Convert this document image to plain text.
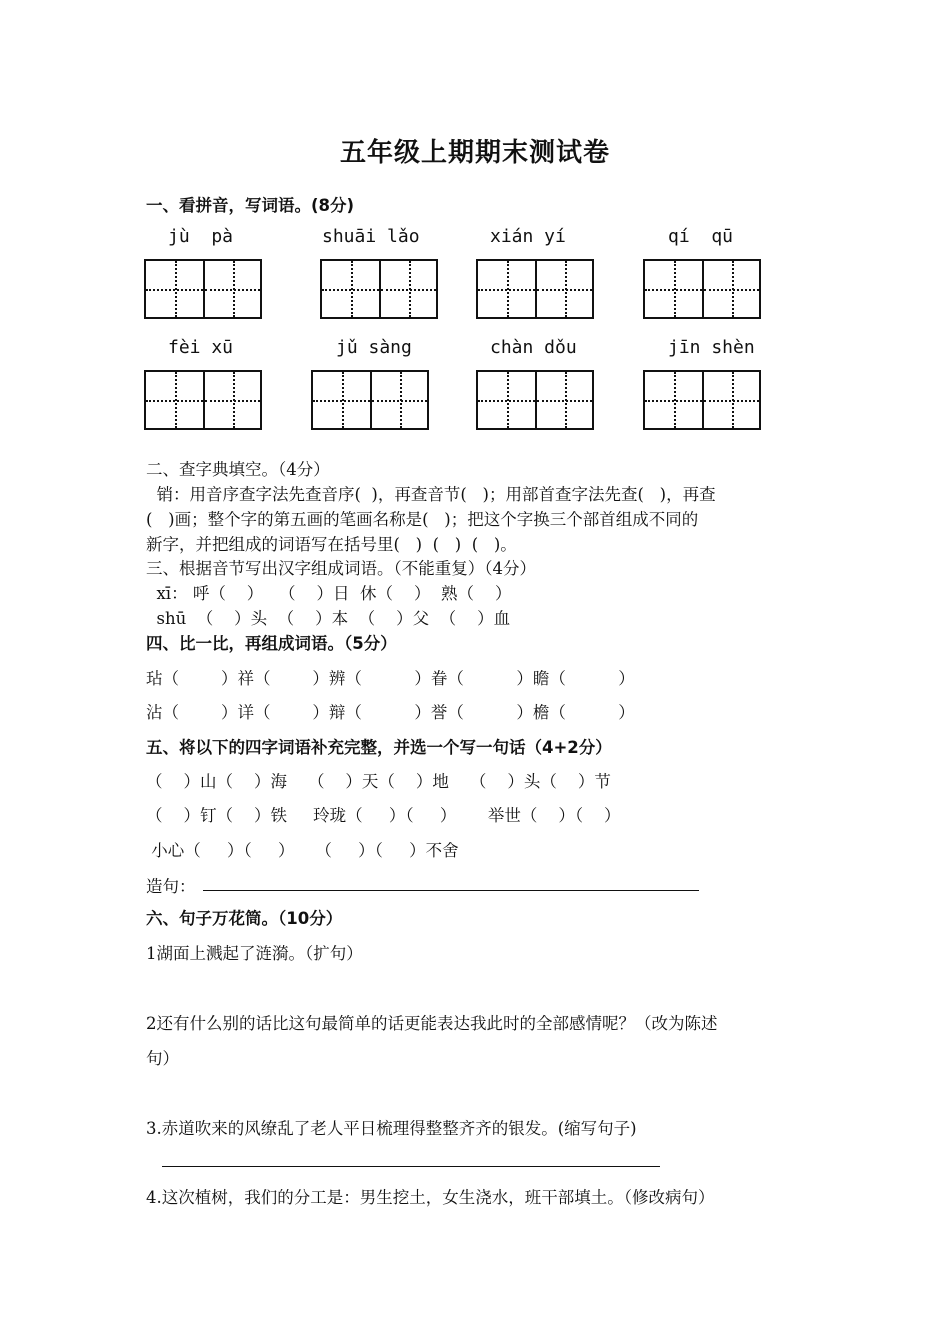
五年级上期期末测试卷
一、看拼音，写词语。(8分)
jù  pà	shuāi lǎo	xián yí	qí  qū
fèi xū	jǔ sàng	chàn dǒu	jīn shèn
二、查字典填空。（4分）
销：用音序查字法先查音序(  )，再查音节(   )；用部首查字法先查(   )，再查
(   )画；整个字的第五画的笔画名称是(   )；把这个字换三个部首组成不同的
新字，并把组成的词语写在括号里(   )  (   )  (   )。
三、根据音节写出汉字组成词语。（不能重复）（4分）
xī： 呼（    ）   （    ）日  休（    ）  熟（    ）
shū  （    ）头  （    ）本  （    ）父  （    ）血
四、比一比，再组成词语。（5分）
玷（        ）祥（        ）辨（          ）眷（          ）瞻（          ）
沾（        ）详（        ）辩（          ）誉（          ）檐（          ）
五、将以下的四字词语补充完整，并选一个写一句话（4+2分）
（    ）山（    ）海    （    ）天（    ）地    （    ）头（    ）节
（    ）钉（    ）铁     玲珑（     ）（     ）      举世（    ）（    ）
小心（     ）（     ）    （     ）（     ）不舍
造句：
六、句子万花筒。（10分）
1湖面上溅起了涟漪。（扩句）
2还有什么别的话比这句最简单的话更能表达我此时的全部感情呢？（改为陈述
句）
3.赤道吹来的风缭乱了老人平日梳理得整整齐齐的银发。(缩写句子)
4.这次植树，我们的分工是：男生挖土，女生浇水，班干部填土。（修改病句）
